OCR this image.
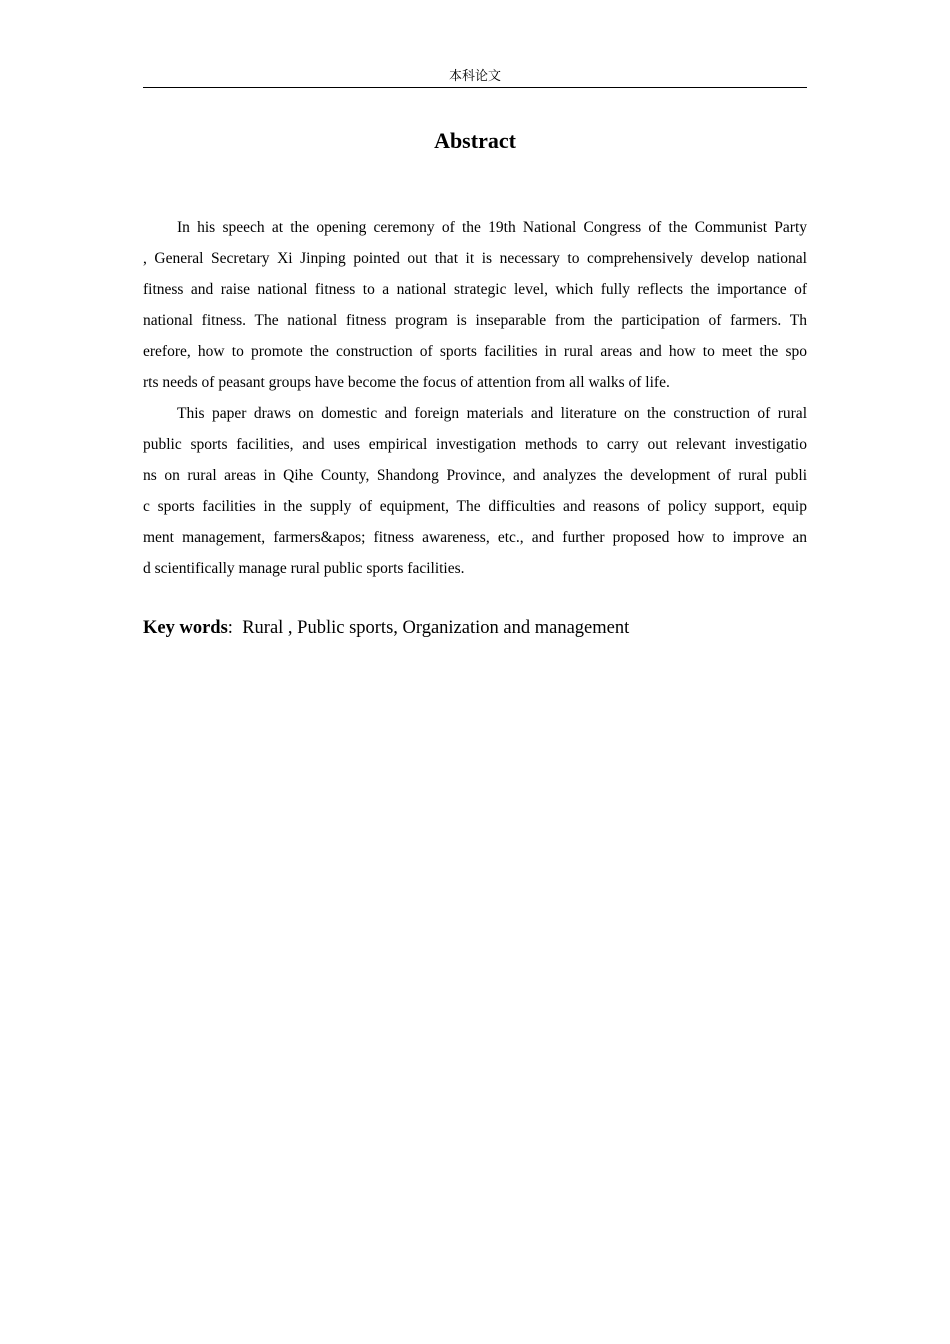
本科论文
Abstract
In his speech at the opening ceremony of the 19th National Congress of the Communist Party
, General Secretary Xi Jinping pointed out that it is necessary to comprehensively develop national
fitness and raise national fitness to a national strategic level, which fully reflects the importance of
national fitness. The national fitness program is inseparable from the participation of farmers. Th
erefore, how to promote the construction of sports facilities in rural areas and how to meet the spo
rts needs of peasant groups have become the focus of attention from all walks of life.
This paper draws on domestic and foreign materials and literature on the construction of rural
public sports facilities, and uses empirical investigation methods to carry out relevant investigatio
ns on rural areas in Qihe County, Shandong Province, and analyzes the development of rural publi
c sports facilities in the supply of equipment, The difficulties and reasons of policy support, equip
ment management, farmers&apos; fitness awareness, etc., and further proposed how to improve an
d scientifically manage rural public sports facilities.
Key words:  Rural , Public sports, Organization and management
